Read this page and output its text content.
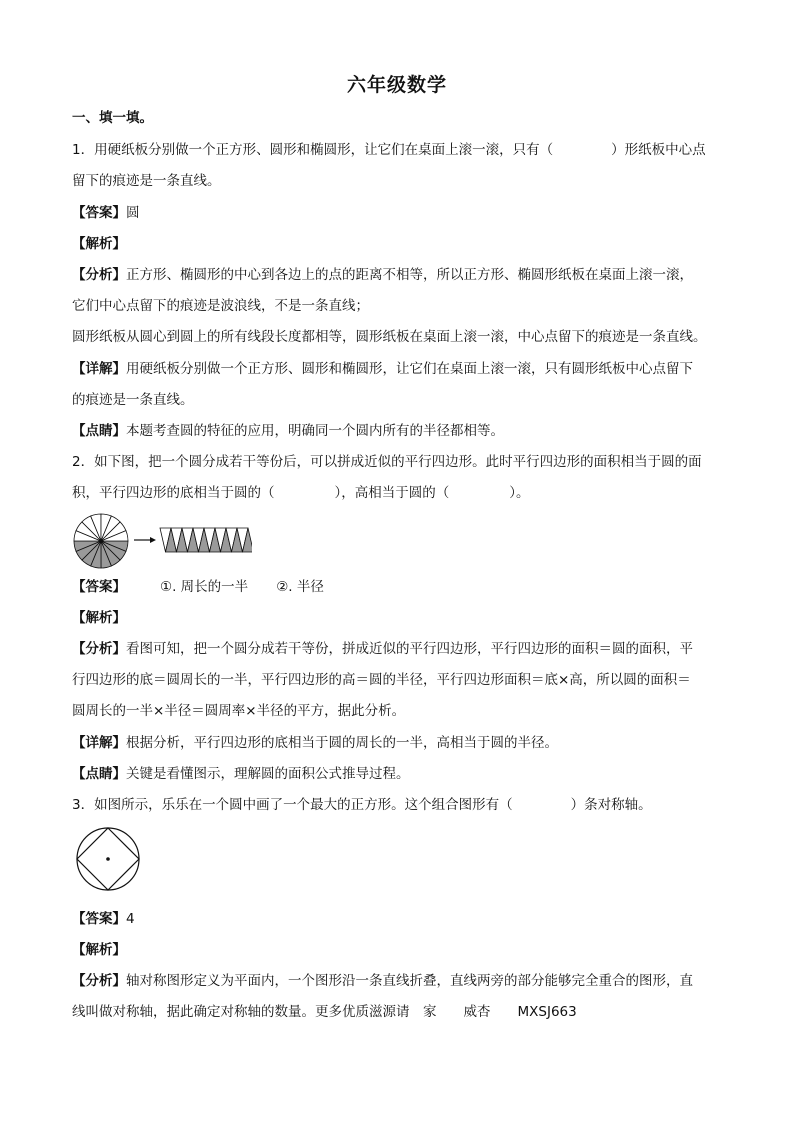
六年级数学
一、填一填。
1．用硬纸板分别做一个正方形、圆形和椭圆形，让它们在桌面上滚一滚，只有（	）形纸板中心点
留下的痕迹是一条直线。
【答案】圆
【解析】
【分析】正方形、椭圆形的中心到各边上的点的距离不相等，所以正方形、椭圆形纸板在桌面上滚一滚，
它们中心点留下的痕迹是波浪线，不是一条直线；
圆形纸板从圆心到圆上的所有线段长度都相等，圆形纸板在桌面上滚一滚，中心点留下的痕迹是一条直线。
【详解】用硬纸板分别做一个正方形、圆形和椭圆形，让它们在桌面上滚一滚，只有圆形纸板中心点留下
的痕迹是一条直线。
【点睛】本题考查圆的特征的应用，明确同一个圆内所有的半径都相等。
2．如下图，把一个圆分成若干等份后，可以拼成近似的平行四边形。此时平行四边形的面积相当于圆的面
积，平行四边形的底相当于圆的（	），高相当于圆的（	）。
【答案】	①. 周长的一半 ②. 半径
【解析】
【分析】看图可知，把一个圆分成若干等份，拼成近似的平行四边形，平行四边形的面积＝圆的面积，平
行四边形的底＝圆周长的一半，平行四边形的高＝圆的半径，平行四边形面积＝底×高，所以圆的面积＝
圆周长的一半×半径＝圆周率×半径的平方，据此分析。
【详解】根据分析，平行四边形的底相当于圆的周长的一半，高相当于圆的半径。
【点睛】关键是看懂图示，理解圆的面积公式推导过程。
3．如图所示，乐乐在一个圆中画了一个最大的正方形。这个组合图形有（	）条对称轴。
【答案】4
【解析】
【分析】轴对称图形定义为平面内，一个图形沿一条直线折叠，直线两旁的部分能够完全重合的图形，直
线叫做对称轴，据此确定对称轴的数量。更多优质滋源请　家　　威杏　　MXSJ663
